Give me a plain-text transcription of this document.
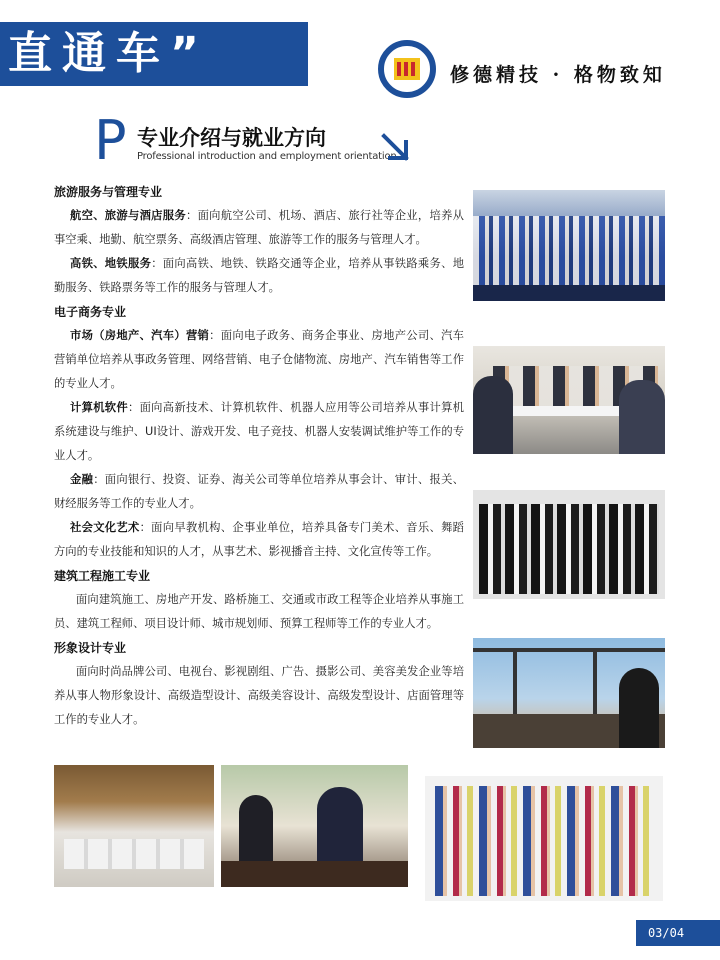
直通车”	修德精技 · 格物致知
P 专业介绍与就业方向
Professional introduction and employment orientation

旅游服务与管理专业

航空、旅游与酒店服务：面向航空公司、机场、酒店、旅行社等企业，培养从事空乘、地勤、航空票务、高级酒店管理、旅游等工作的服务与管理人才。

高铁、地铁服务：面向高铁、地铁、铁路交通等企业，培养从事铁路乘务、地勤服务、铁路票务等工作的服务与管理人才。

电子商务专业

市场（房地产、汽车）营销：面向电子政务、商务企事业、房地产公司、汽车营销单位培养从事政务管理、网络营销、电子仓储物流、房地产、汽车销售等工作的专业人才。

计算机软件：面向高新技术、计算机软件、机器人应用等公司培养从事计算机系统建设与维护、UI设计、游戏开发、电子竞技、机器人安装调试维护等工作的专业人才。

金融：面向银行、投资、证券、海关公司等单位培养从事会计、审计、报关、财经服务等工作的专业人才。

社会文化艺术：面向早教机构、企事业单位，培养具备专门美术、音乐、舞蹈方向的专业技能和知识的人才，从事艺术、影视播音主持、文化宣传等工作。

建筑工程施工专业

面向建筑施工、房地产开发、路桥施工、交通或市政工程等企业培养从事施工员、建筑工程师、项目设计师、城市规划师、预算工程师等工作的专业人才。

形象设计专业

面向时尚品牌公司、电视台、影视剧组、广告、摄影公司、美容美发企业等培养从事人物形象设计、高级造型设计、高级美容设计、高级发型设计、店面管理等工作的专业人才。

03/04
